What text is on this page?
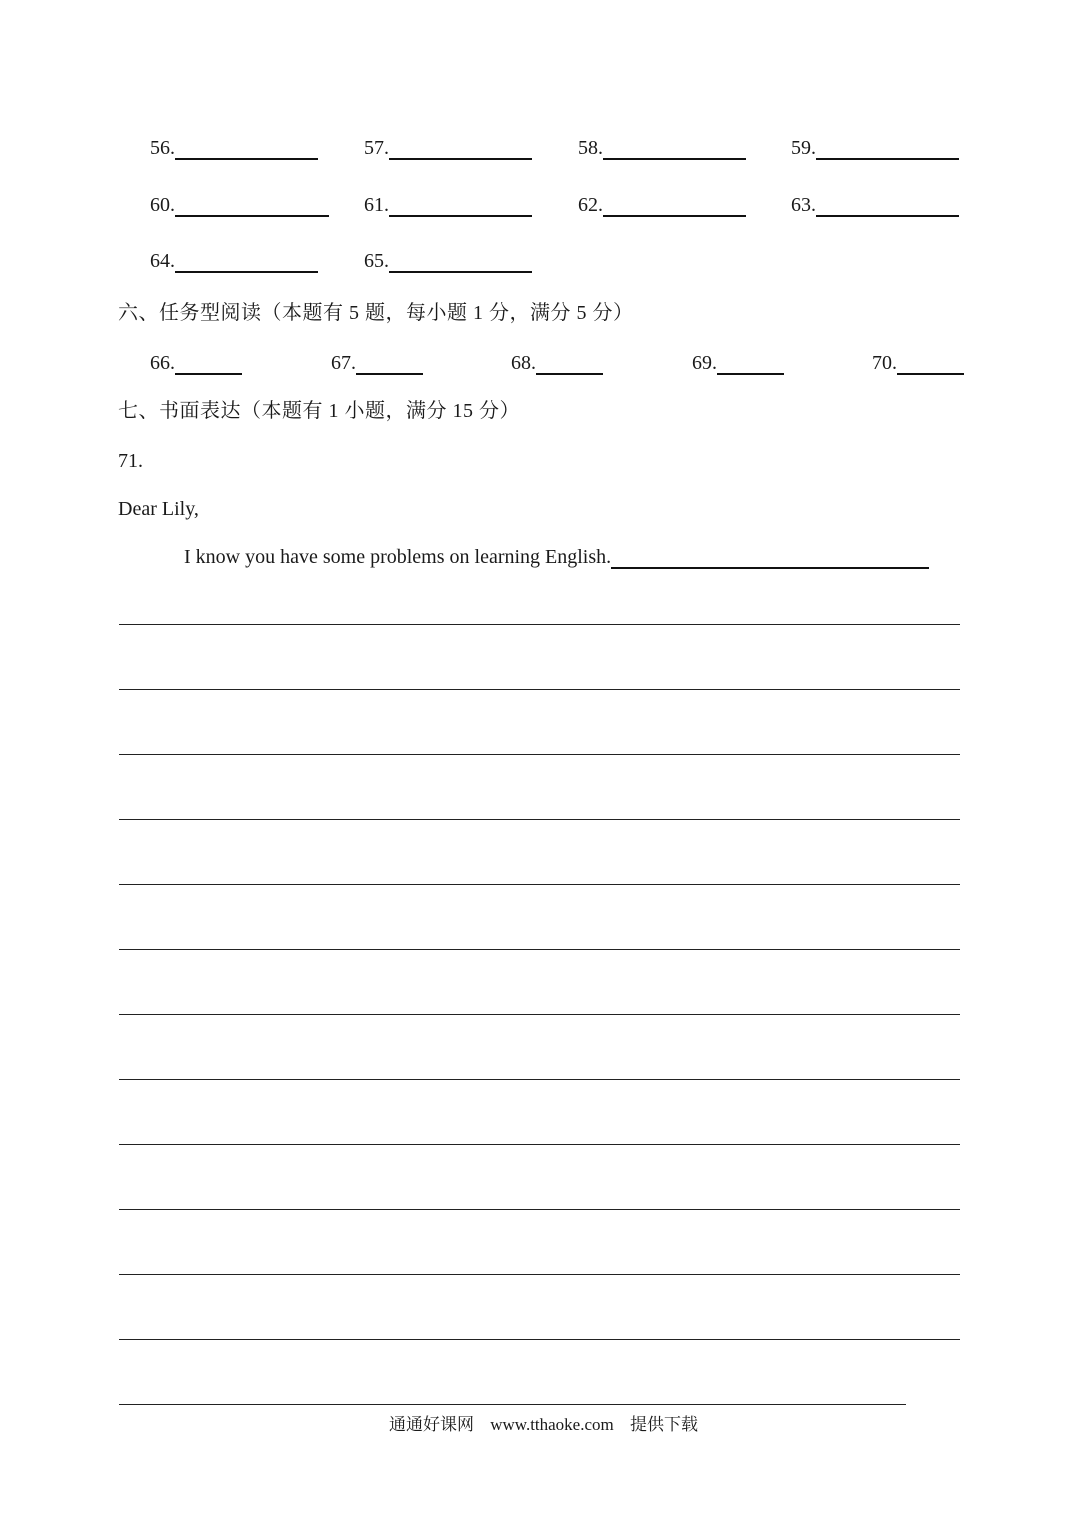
56.	57.	58.	59.
60.	61.	62.	63.
64.	65.
六、任务型阅读（本题有 5 题，每小题 1 分，满分 5 分）
66.	67.	68.	69.	70.
七、书面表达（本题有 1 小题，满分 15 分）
71.
Dear Lily,
I know you have some problems on learning English.
通通好课网 www.tthaoke.com 提供下载
